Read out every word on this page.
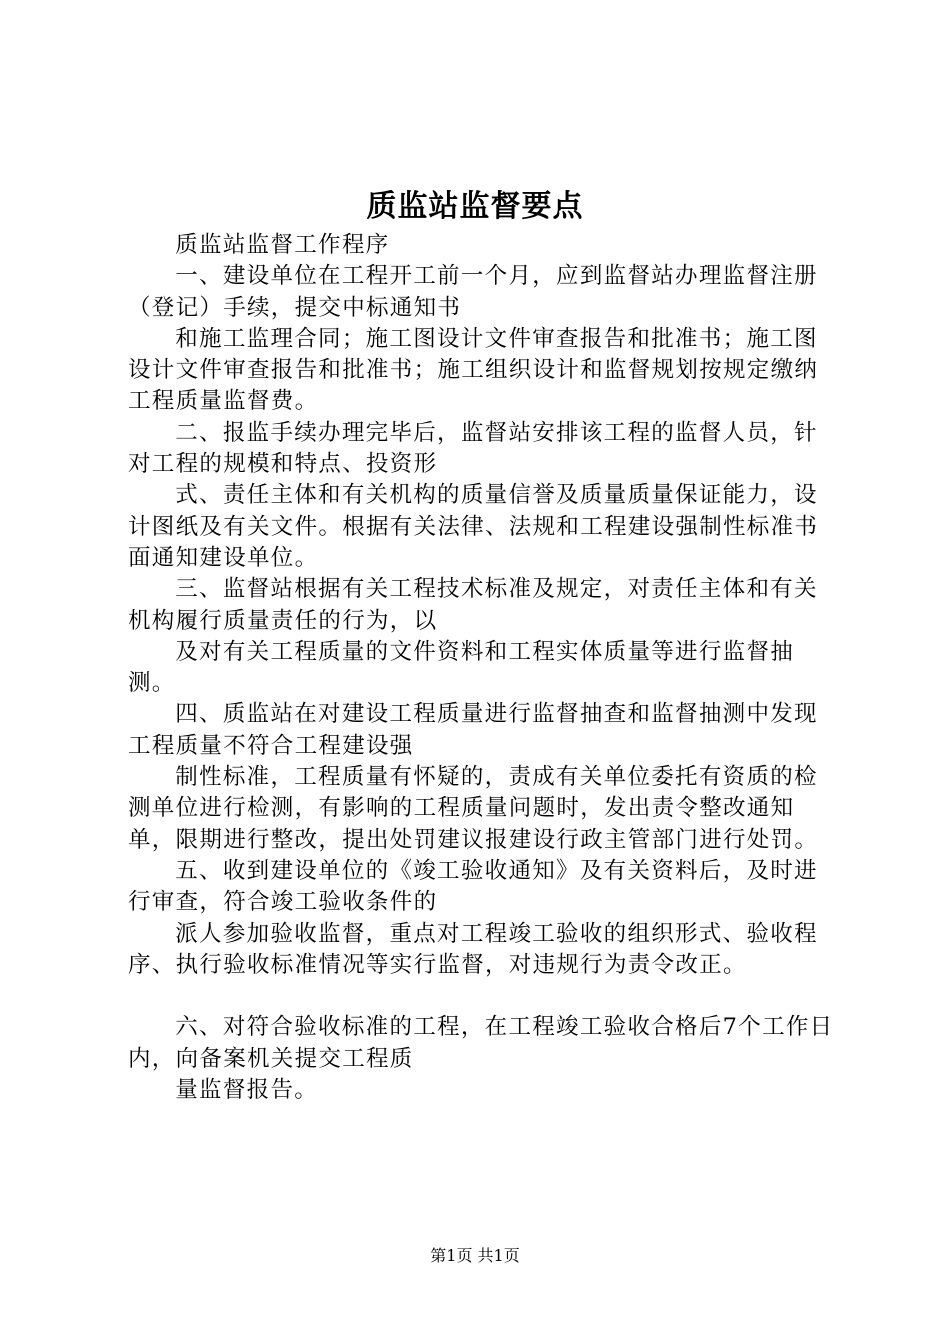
质监站监督要点

质监站监督工作程序

一、建设单位在工程开工前一个月，应到监督站办理监督注册（登记）手续，提交中标通知书

和施工监理合同；施工图设计文件审查报告和批准书；施工图设计文件审查报告和批准书；施工组织设计和监督规划按规定缴纳工程质量监督费。

二、报监手续办理完毕后，监督站安排该工程的监督人员，针对工程的规模和特点、投资形

式、责任主体和有关机构的质量信誉及质量质量保证能力，设计图纸及有关文件。根据有关法律、法规和工程建设强制性标准书面通知建设单位。

三、监督站根据有关工程技术标准及规定，对责任主体和有关机构履行质量责任的行为，以

及对有关工程质量的文件资料和工程实体质量等进行监督抽测。

四、质监站在对建设工程质量进行监督抽查和监督抽测中发现工程质量不符合工程建设强

制性标准，工程质量有怀疑的，责成有关单位委托有资质的检测单位进行检测，有影响的工程质量问题时，发出责令整改通知单，限期进行整改，提出处罚建议报建设行政主管部门进行处罚。

五、收到建设单位的《竣工验收通知》及有关资料后，及时进行审查，符合竣工验收条件的

派人参加验收监督，重点对工程竣工验收的组织形式、验收程序、执行验收标准情况等实行监督，对违规行为责令改正。

六、对符合验收标准的工程，在工程竣工验收合格后7个工作日内，向备案机关提交工程质

量监督报告。

第1页 共1页
